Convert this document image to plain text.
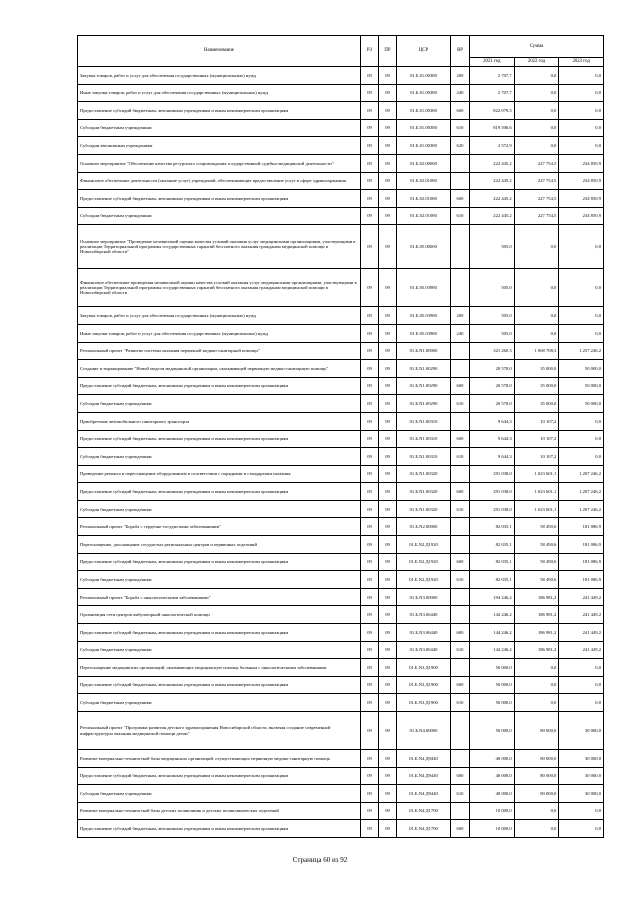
Наименование	РЗ	ПР	ЦСР	ВР	Сумма		
					2021 год	2022 год	2023 год
Закупка товаров, работ и услуг для обеспечения государственных (муниципальных) нужд	09	09	01.Б.01.00380	200	2 707,7	0,0	0,0
Иные закупки товаров, работ и услуг для обеспечения государственных (муниципальных) нужд	09	09	01.Б.01.00380	240	2 707,7	0,0	0,0
Предоставление субсидий бюджетным, автономным учреждениям и иным некоммерческим организациям	09	09	01.Б.01.00380	600	822 079,5	0,0	0,0
Субсидии бюджетным учреждениям	09	09	01.Б.01.00380	610	819 506,6	0,0	0,0
Субсидии автономным учреждениям	09	09	01.Б.01.00380	620	2 572,9	0,0	0,0
Основное мероприятие "Обеспечение качества ресурсного сопровождения государственной судебно-медицинской деятельности"	09	09	01.Б.02.00000		222 445,2	227 754,5	234 850,9
Финансовое обеспечение деятельности (оказание услуг) учреждений, обеспечивающих предоставление услуг в сфере здравоохранения	09	09	01.Б.02.01080		222 445,2	227 754,5	234 850,9
Предоставление субсидий бюджетным, автономным учреждениям и иным некоммерческим организациям	09	09	01.Б.02.01080	600	222 445,2	227 754,5	234 850,9
Субсидии бюджетным учреждениям	09	09	01.Б.02.01080	610	222 445,2	227 754,5	234 850,9
Основное мероприятие "Проведение независимой оценки качества условий оказания услуг медицинскими организациями, участвующими в реализации Территориальной программы государственных гарантий бесплатного оказания гражданам медицинской помощи в Новосибирской области"	09	09	01.Б.05.00000		505,0	0,0	0,0
Финансовое обеспечение проведения независимой оценки качества условий оказания услуг медицинскими организациями, участвующими в реализации Территориальной программы государственных гарантий бесплатного оказания гражданам медицинской помощи в Новосибирской области	09	09	01.Б.05.03980		505,0	0,0	0,0
Закупка товаров, работ и услуг для обеспечения государственных (муниципальных) нужд	09	09	01.Б.05.03980	200	505,0	0,0	0,0
Иные закупки товаров, работ и услуг для обеспечения государственных (муниципальных) нужд	09	09	01.Б.05.03980	240	505,0	0,0	0,0
Региональный проект "Развитие системы оказания первичной медико-санитарной помощи"	09	09	01.Б.N1.00000		321 260,3	1 068 708,3	1 257 246,2
Создание и тиражирование "Новой модели медицинской организации, оказывающей первичную медико-санитарную помощь"	09	09	01.Б.N1.00290		20 578,0	35 000,0	50 000,0
Предоставление субсидий бюджетным, автономным учреждениям и иным некоммерческим организациям	09	09	01.Б.N1.00290	600	20 578,0	35 000,0	50 000,0
Субсидии бюджетным учреждениям	09	09	01.Б.N1.00290	610	20 578,0	35 000,0	50 000,0
Приобретение автомобильного санитарного транспорта	09	09	01.Б.N1.00310		9 644,3	10 107,2	0,0
Предоставление субсидий бюджетным, автономным учреждениям и иным некоммерческим организациям	09	09	01.Б.N1.00310	600	9 644,3	10 107,2	0,0
Субсидии бюджетным учреждениям	09	09	01.Б.N1.00310	610	9 644,3	10 107,2	0,0
Проведение ремонта и переоснащение оборудованием в соответствии с порядками и стандартами оказания	09	09	01.Б.N1.00320		291 038,0	1 023 601,1	1 207 246,2
Предоставление субсидий бюджетным, автономным учреждениям и иным некоммерческим организациям	09	09	01.Б.N1.00320	600	291 038,0	1 023 601,1	1 207 246,2
Субсидии бюджетным учреждениям	09	09	01.Б.N1.00320	610	291 038,0	1 023 601,1	1 207 246,2
Региональный проект "Борьба с сердечно-сосудистыми заболеваниями"	09	09	01.Б.N2.00000		82 035,1	58 490,6	181 086,9
Переоснащение, дооснащение сосудистых региональных центров и первичных отделений	09	09	01.Б.N2.Д1920		82 035,1	58 490,6	181 086,9
Предоставление субсидий бюджетным, автономным учреждениям и иным некоммерческим организациям	09	09	01.Б.N2.Д1920	600	82 035,1	58 490,6	181 086,9
Субсидии бюджетным учреждениям	09	09	01.Б.N2.Д1920	610	82 035,1	58 490,6	181 086,9
Региональный проект "Борьба с онкологическими заболеваниями"	09	09	01.Б.N3.00000		194 246,2	186 981,2	241 449,2
Организация сети центров амбулаторной онкологической помощи	09	09	01.Б.N3.06440		144 246,2	186 981,2	241 449,2
Предоставление субсидий бюджетным, автономным учреждениям и иным некоммерческим организациям	09	09	01.Б.N3.06440	600	144 246,2	186 981,2	241 449,2
Субсидии бюджетным учреждениям	09	09	01.Б.N3.06440	610	144 246,2	186 981,2	241 449,2
Переоснащение медицинских организаций, оказывающих медицинскую помощь больным с онкологическими заболеваниями	09	09	01.Б.N3.Д1900		50 000,0	0,0	0,0
Предоставление субсидий бюджетным, автономным учреждениям и иным некоммерческим организациям	09	09	01.Б.N3.Д1900	600	50 000,0	0,0	0,0
Субсидии бюджетным учреждениям	09	09	01.Б.N3.Д1900	610	50 000,0	0,0	0,0
Региональный проект "Программа развития детского здравоохранения Новосибирской области, включая создание современной инфраструктуры оказания медицинской помощи детям"	09	09	01.Б.N4.00000		50 000,0	80 000,0	30 000,0
Развитие материально-технической базы медицинских организаций, осуществляющих первичную медико-санитарную помощь	09	09	01.Б.N4.Д9440		40 000,0	80 000,0	30 000,0
Предоставление субсидий бюджетным, автономным учреждениям и иным некоммерческим организациям	09	09	01.Б.N4.Д9440	600	40 000,0	80 000,0	30 000,0
Субсидии бюджетным учреждениям	09	09	01.Б.N4.Д9440	610	40 000,0	80 000,0	30 000,0
Развитие материально-технической базы детских поликлиник и детских поликлинических отделений	09	09	01.Б.N4.Д1700		10 000,0	0,0	0,0
Предоставление субсидий бюджетным, автономным учреждениям и иным некоммерческим организациям	09	09	01.Б.N4.Д1700	600	10 000,0	0,0	0,0
Страница 60 из 92
